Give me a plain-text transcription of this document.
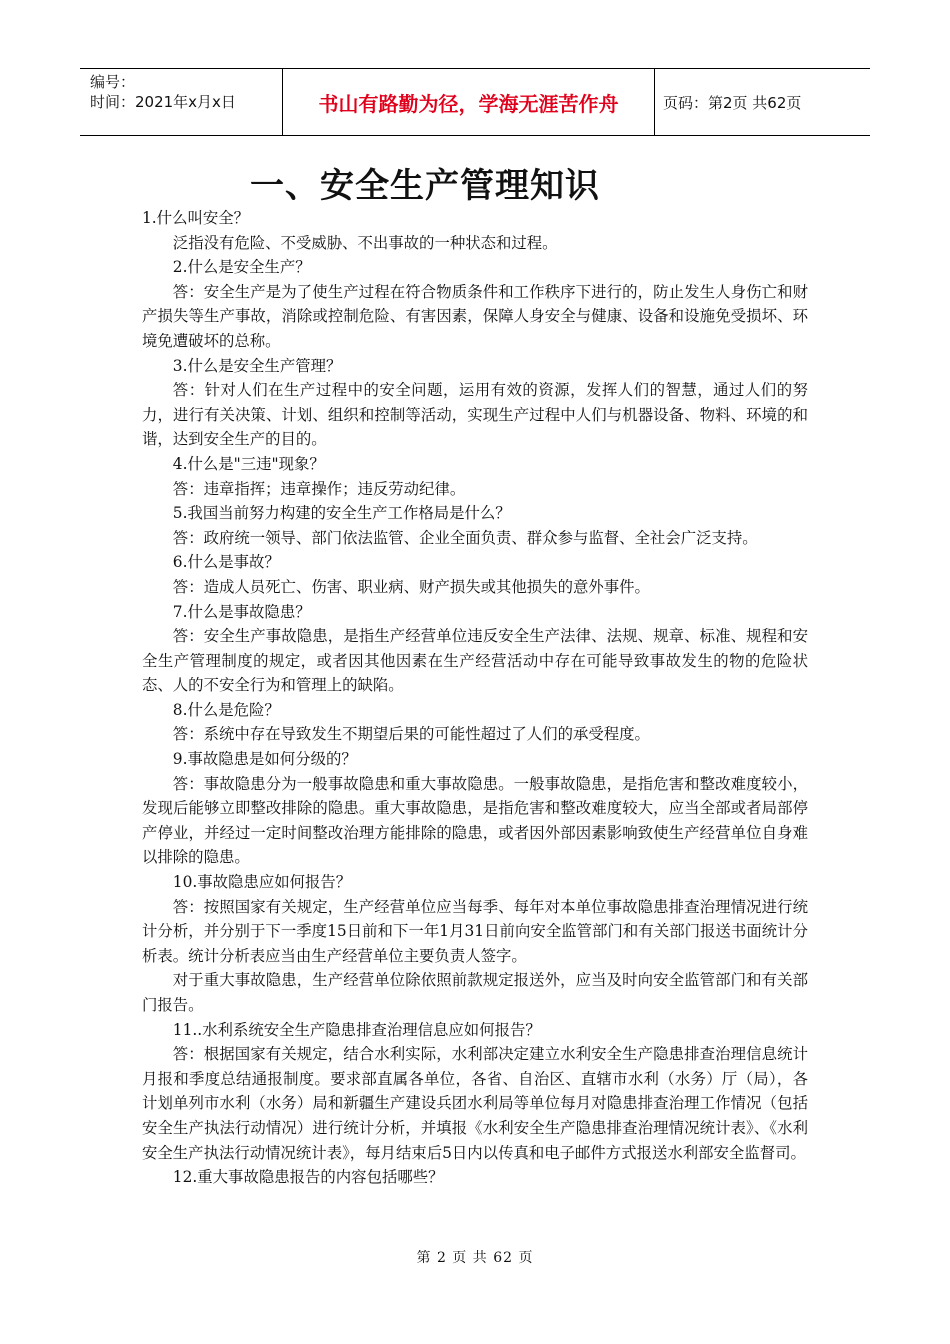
编号：
时间：2021年x月x日	书山有路勤为径，学海无涯苦作舟	页码：第2页 共62页
一、安全生产管理知识

1.什么叫安全？

泛指没有危险、不受威胁、不出事故的一种状态和过程。

2.什么是安全生产？

答：安全生产是为了使生产过程在符合物质条件和工作秩序下进行的，防止发生人身伤亡和财产损失等生产事故，消除或控制危险、有害因素，保障人身安全与健康、设备和设施免受损坏、环境免遭破坏的总称。

3.什么是安全生产管理？

答：针对人们在生产过程中的安全问题，运用有效的资源，发挥人们的智慧，通过人们的努力，进行有关决策、计划、组织和控制等活动，实现生产过程中人们与机器设备、物料、环境的和谐，达到安全生产的目的。

4.什么是"三违"现象？

答：违章指挥；违章操作；违反劳动纪律。

5.我国当前努力构建的安全生产工作格局是什么？

答：政府统一领导、部门依法监管、企业全面负责、群众参与监督、全社会广泛支持。

6.什么是事故？

答：造成人员死亡、伤害、职业病、财产损失或其他损失的意外事件。

7.什么是事故隐患？

答：安全生产事故隐患，是指生产经营单位违反安全生产法律、法规、规章、标准、规程和安全生产管理制度的规定，或者因其他因素在生产经营活动中存在可能导致事故发生的物的危险状态、人的不安全行为和管理上的缺陷。

8.什么是危险？

答：系统中存在导致发生不期望后果的可能性超过了人们的承受程度。

9.事故隐患是如何分级的？

答：事故隐患分为一般事故隐患和重大事故隐患。一般事故隐患，是指危害和整改难度较小，发现后能够立即整改排除的隐患。重大事故隐患，是指危害和整改难度较大，应当全部或者局部停产停业，并经过一定时间整改治理方能排除的隐患，或者因外部因素影响致使生产经营单位自身难以排除的隐患。

10.事故隐患应如何报告？

答：按照国家有关规定，生产经营单位应当每季、每年对本单位事故隐患排查治理情况进行统计分析，并分别于下一季度15日前和下一年1月31日前向安全监管部门和有关部门报送书面统计分析表。统计分析表应当由生产经营单位主要负责人签字。

对于重大事故隐患，生产经营单位除依照前款规定报送外，应当及时向安全监管部门和有关部门报告。

11..水利系统安全生产隐患排查治理信息应如何报告？

答：根据国家有关规定，结合水利实际，水利部决定建立水利安全生产隐患排查治理信息统计月报和季度总结通报制度。要求部直属各单位，各省、自治区、直辖市水利（水务）厅（局），各计划单列市水利（水务）局和新疆生产建设兵团水利局等单位每月对隐患排查治理工作情况（包括安全生产执法行动情况）进行统计分析，并填报《水利安全生产隐患排查治理情况统计表》、《水利安全生产执法行动情况统计表》，每月结束后5日内以传真和电子邮件方式报送水利部安全监督司。

12.重大事故隐患报告的内容包括哪些？

第 2 页 共 62 页
